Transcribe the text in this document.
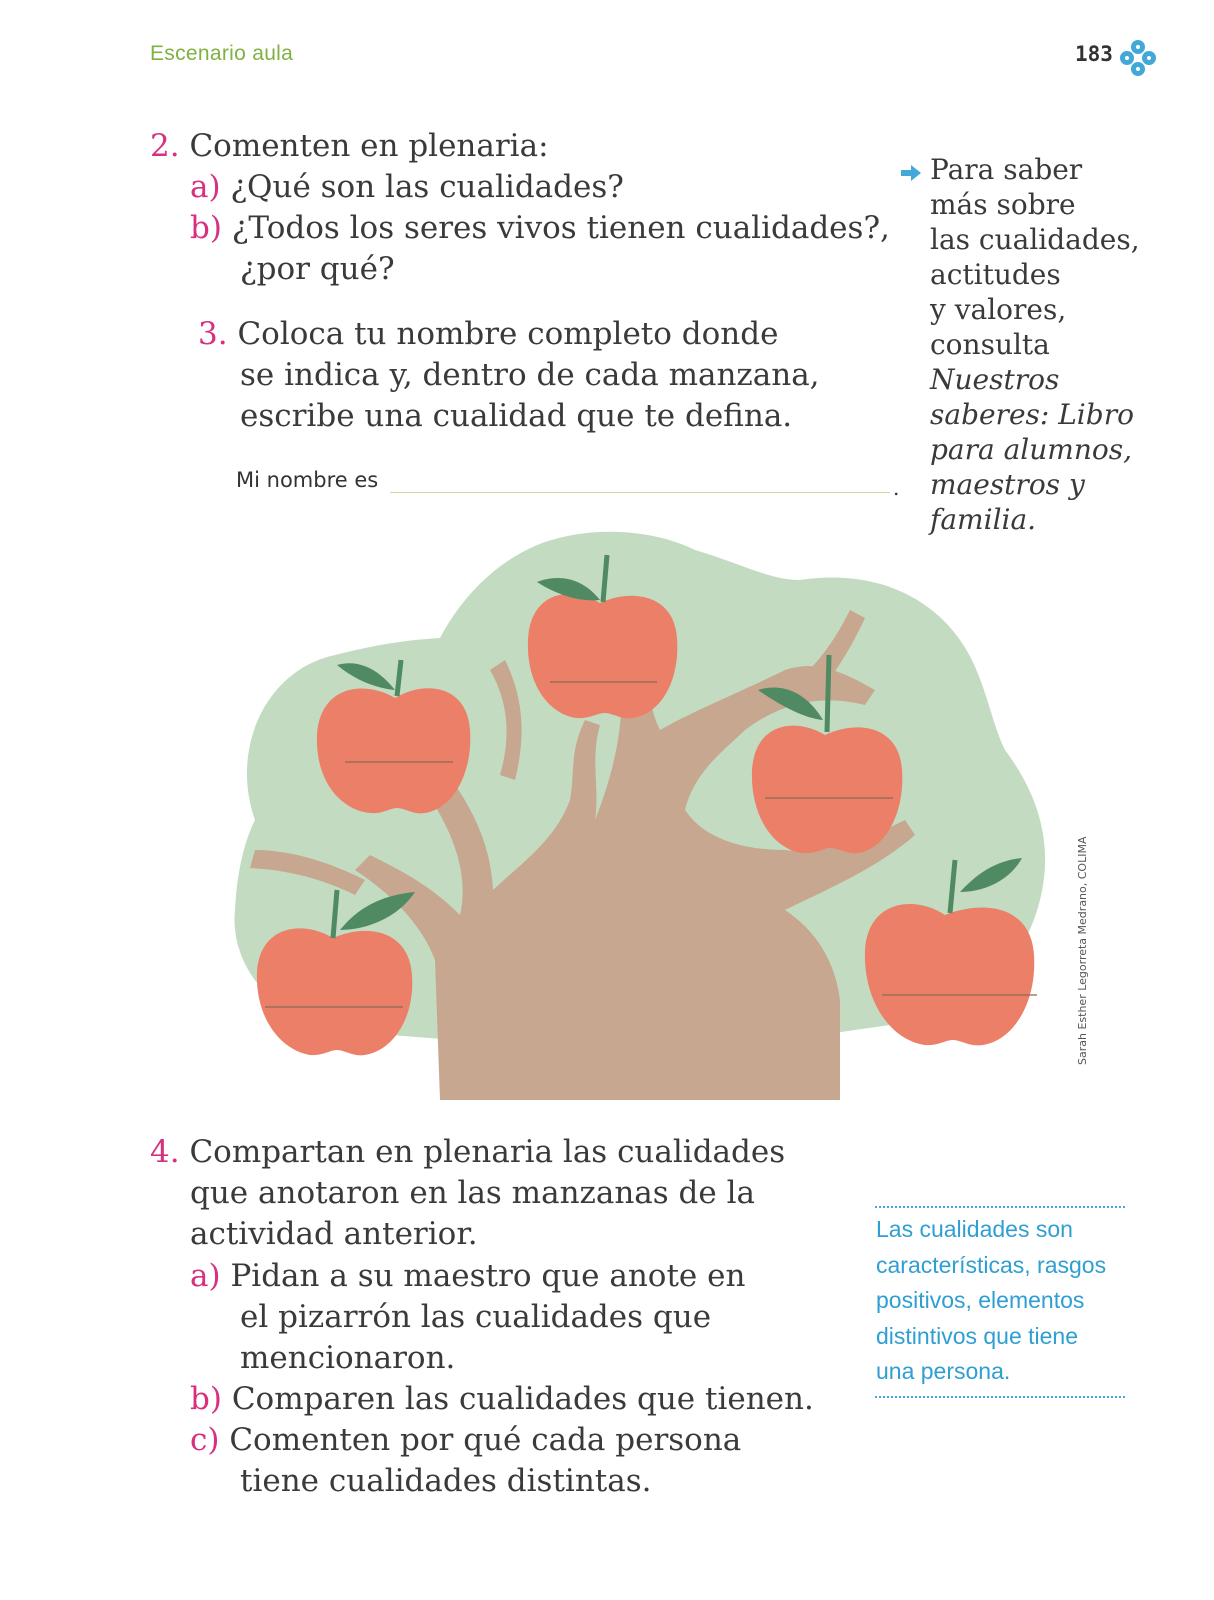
Escenario aula	183
2. Comenten en plenaria:
a) ¿Qué son las cualidades?
b) ¿Todos los seres vivos tienen cualidades?,
¿por qué?
3. Coloca tu nombre completo donde
se indica y, dentro de cada manzana,
escribe una cualidad que te defina.
Mi nombre es	.
Para saber
más sobre
las cualidades,
actitudes
y valores,
consulta
Nuestros
saberes: Libro
para alumnos,
maestros y
familia.
Sarah Esther Legorreta Medrano, COLIMA
4. Compartan en plenaria las cualidades
que anotaron en las manzanas de la
actividad anterior.
a) Pidan a su maestro que anote en
el pizarrón las cualidades que
mencionaron.
b) Comparen las cualidades que tienen.
c) Comenten por qué cada persona
tiene cualidades distintas.
Las cualidades son
características, rasgos
positivos, elementos
distintivos que tiene
una persona.
